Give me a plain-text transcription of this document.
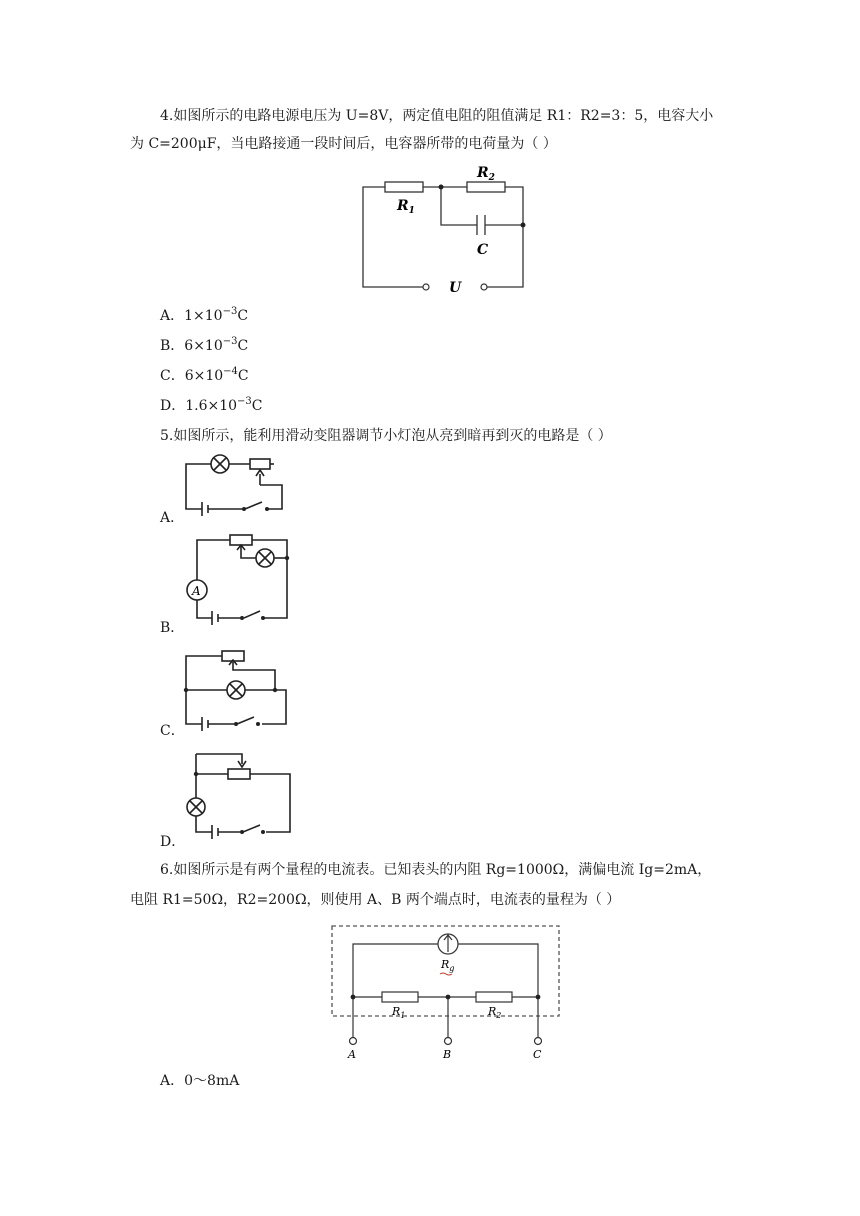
4.如图所示的电路电源电压为 U=8V，两定值电阻的阻值满足 R1：R2=3：5，电容大小
为 C=200μF，当电路接通一段时间后，电容器所带的电荷量为（ ）
$R_1$
$R_2$
C
U
A．$1\times 10^{-3}C$
B．$6\times 10^{-3}C$
C．$6\times 10^{-4}C$
D．$1.6\times 10^{-3}C$
5.如图所示，能利用滑动变阻器调节小灯泡从亮到暗再到灭的电路是（ ）
A．
A
B．
C．
D．
6.如图所示是有两个量程的电流表。已知表头的内阻 Rg=1000Ω，满偏电流 Ig=2mA，
电阻 R1=50Ω，R2=200Ω，则使用 A、B 两个端点时，电流表的量程为（ ）
$R_g$
$R_1$	$R_2$
A	B	C
A．0～8mA
